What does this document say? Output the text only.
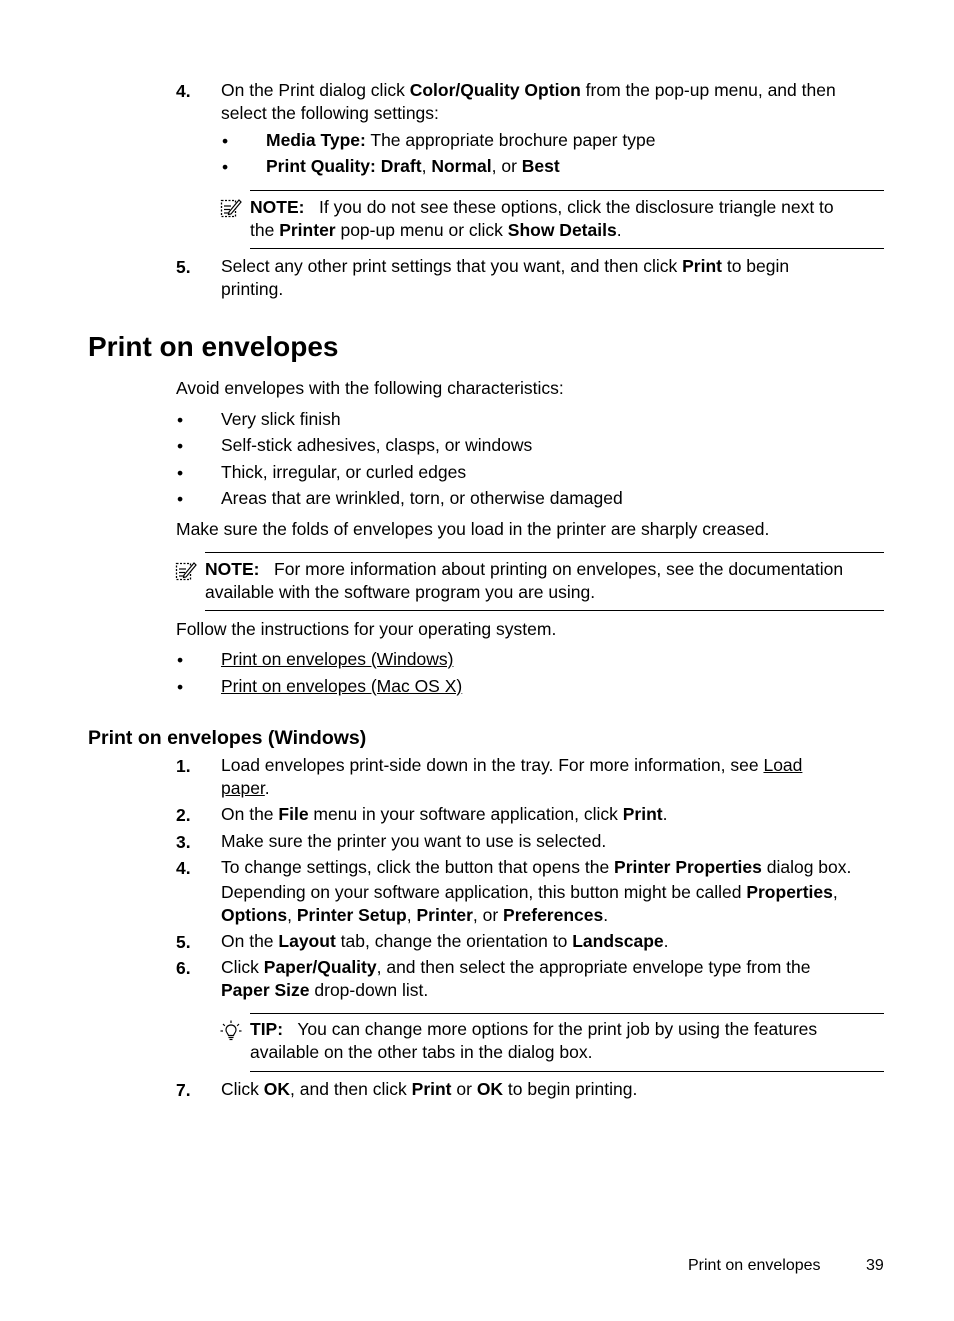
4. On the Print dialog click Color/Quality Option from the pop-up menu, and then
select the following settings:
• Media Type: The appropriate brochure paper type
• Print Quality: Draft, Normal, or Best
NOTE:   If you do not see these options, click the disclosure triangle next to
the Printer pop-up menu or click Show Details.
5. Select any other print settings that you want, and then click Print to begin
printing.
Print on envelopes
Avoid envelopes with the following characteristics:
• Very slick finish
• Self-stick adhesives, clasps, or windows
• Thick, irregular, or curled edges
• Areas that are wrinkled, torn, or otherwise damaged
Make sure the folds of envelopes you load in the printer are sharply creased.
NOTE:   For more information about printing on envelopes, see the documentation
available with the software program you are using.
Follow the instructions for your operating system.
• Print on envelopes (Windows)
• Print on envelopes (Mac OS X)
Print on envelopes (Windows)
1. Load envelopes print-side down in the tray. For more information, see Load
paper.
2. On the File menu in your software application, click Print.
3. Make sure the printer you want to use is selected.
4. To change settings, click the button that opens the Printer Properties dialog box.
Depending on your software application, this button might be called Properties,
Options, Printer Setup, Printer, or Preferences.
5. On the Layout tab, change the orientation to Landscape.
6. Click Paper/Quality, and then select the appropriate envelope type from the
Paper Size drop-down list.
TIP:   You can change more options for the print job by using the features
available on the other tabs in the dialog box.
7. Click OK, and then click Print or OK to begin printing.
Print on envelopes	39
